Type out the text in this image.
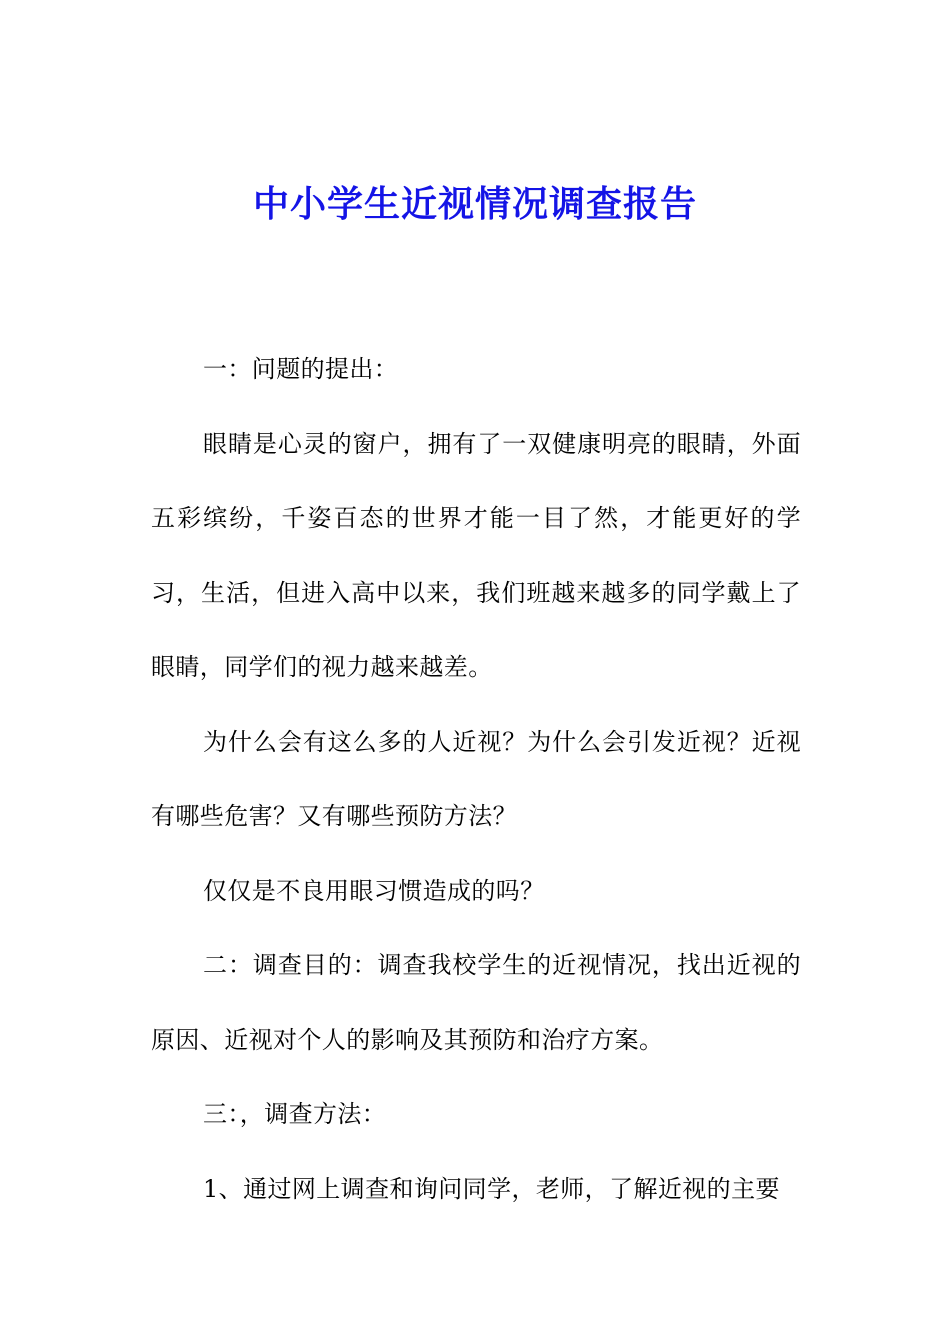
中小学生近视情况调查报告

一：问题的提出：

眼睛是心灵的窗户，拥有了一双健康明亮的眼睛，外面五彩缤纷，千姿百态的世界才能一目了然，才能更好的学习，生活，但进入高中以来，我们班越来越多的同学戴上了眼睛，同学们的视力越来越差。

为什么会有这么多的人近视？为什么会引发近视？近视有哪些危害？又有哪些预防方法？

仅仅是不良用眼习惯造成的吗？

二：调查目的：调查我校学生的近视情况，找出近视的原因、近视对个人的影响及其预防和治疗方案。

三：，调查方法：

1、通过网上调查和询问同学，老师，了解近视的主要
